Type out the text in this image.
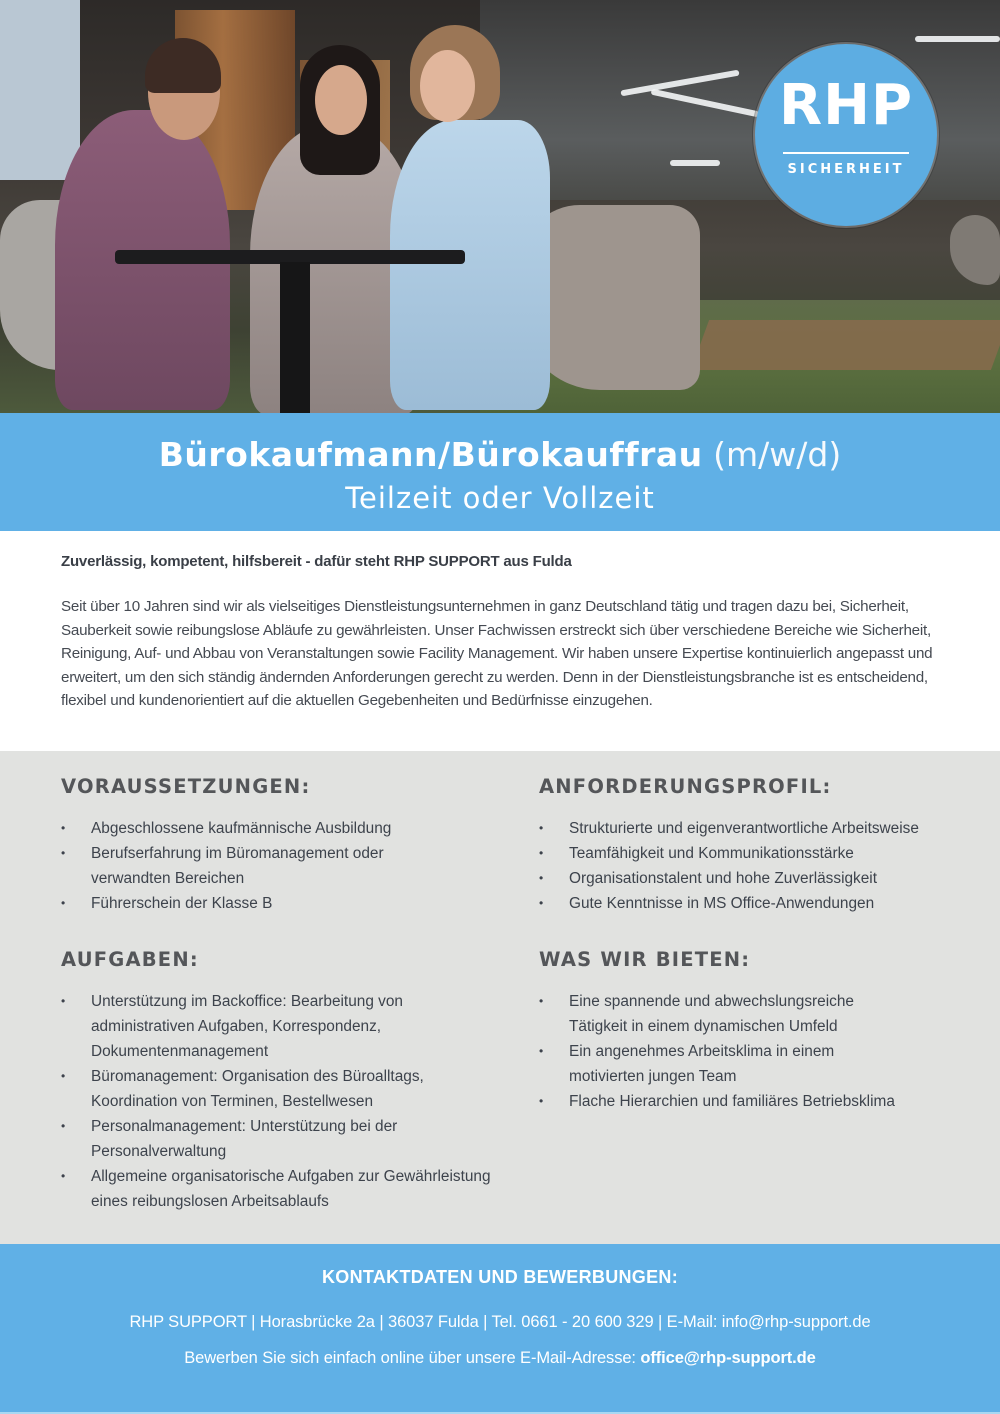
RHP
SICHERHEIT
Bürokaufmann/Bürokauffrau (m/w/d)
Teilzeit oder Vollzeit

Zuverlässig, kompetent, hilfsbereit - dafür steht RHP SUPPORT aus Fulda

Seit über 10 Jahren sind wir als vielseitiges Dienstleistungsunternehmen in ganz Deutschland tätig und tragen dazu bei, Sicherheit, Sauberkeit sowie reibungslose Abläufe zu gewährleisten. Unser Fachwissen erstreckt sich über verschiedene Bereiche wie Sicherheit, Reinigung, Auf- und Abbau von Veranstaltungen sowie Facility Management. Wir haben unsere Expertise kontinuierlich angepasst und erweitert, um den sich ständig ändernden Anforderungen gerecht zu werden. Denn in der Dienstleistungsbranche ist es entscheidend, flexibel und kundenorientiert auf die aktuellen Gegebenheiten und Bedürfnisse einzugehen.

VORAUSSETZUNGEN:
•	Abgeschlossene kaufmännische Ausbildung
•	Berufserfahrung im Büromanagement oder verwandten Bereichen
•	Führerschein der Klasse B
ANFORDERUNGSPROFIL:
•	Strukturierte und eigenverantwortliche Arbeitsweise
•	Teamfähigkeit und Kommunikationsstärke
•	Organisationstalent und hohe Zuverlässigkeit
•	Gute Kenntnisse in MS Office-Anwendungen
AUFGABEN:
•	Unterstützung im Backoffice: Bearbeitung von administrativen Aufgaben, Korrespondenz, Dokumentenmanagement
•	Büromanagement: Organisation des Büroalltags, Koordination von Terminen, Bestellwesen
•	Personalmanagement: Unterstützung bei der Personalverwaltung
•	Allgemeine organisatorische Aufgaben zur Gewährleistung eines reibungslosen Arbeitsablaufs
WAS WIR BIETEN:
•	Eine spannende und abwechslungsreiche Tätigkeit in einem dynamischen Umfeld
•	Ein angenehmes Arbeitsklima in einem motivierten jungen Team
•	Flache Hierarchien und familiäres Betriebsklima
KONTAKTDATEN UND BEWERBUNGEN:
RHP SUPPORT | Horasbrücke 2a | 36037 Fulda | Tel. 0661 - 20 600 329 | E-Mail: info@rhp-support.de
Bewerben Sie sich einfach online über unsere E-Mail-Adresse: office@rhp-support.de
